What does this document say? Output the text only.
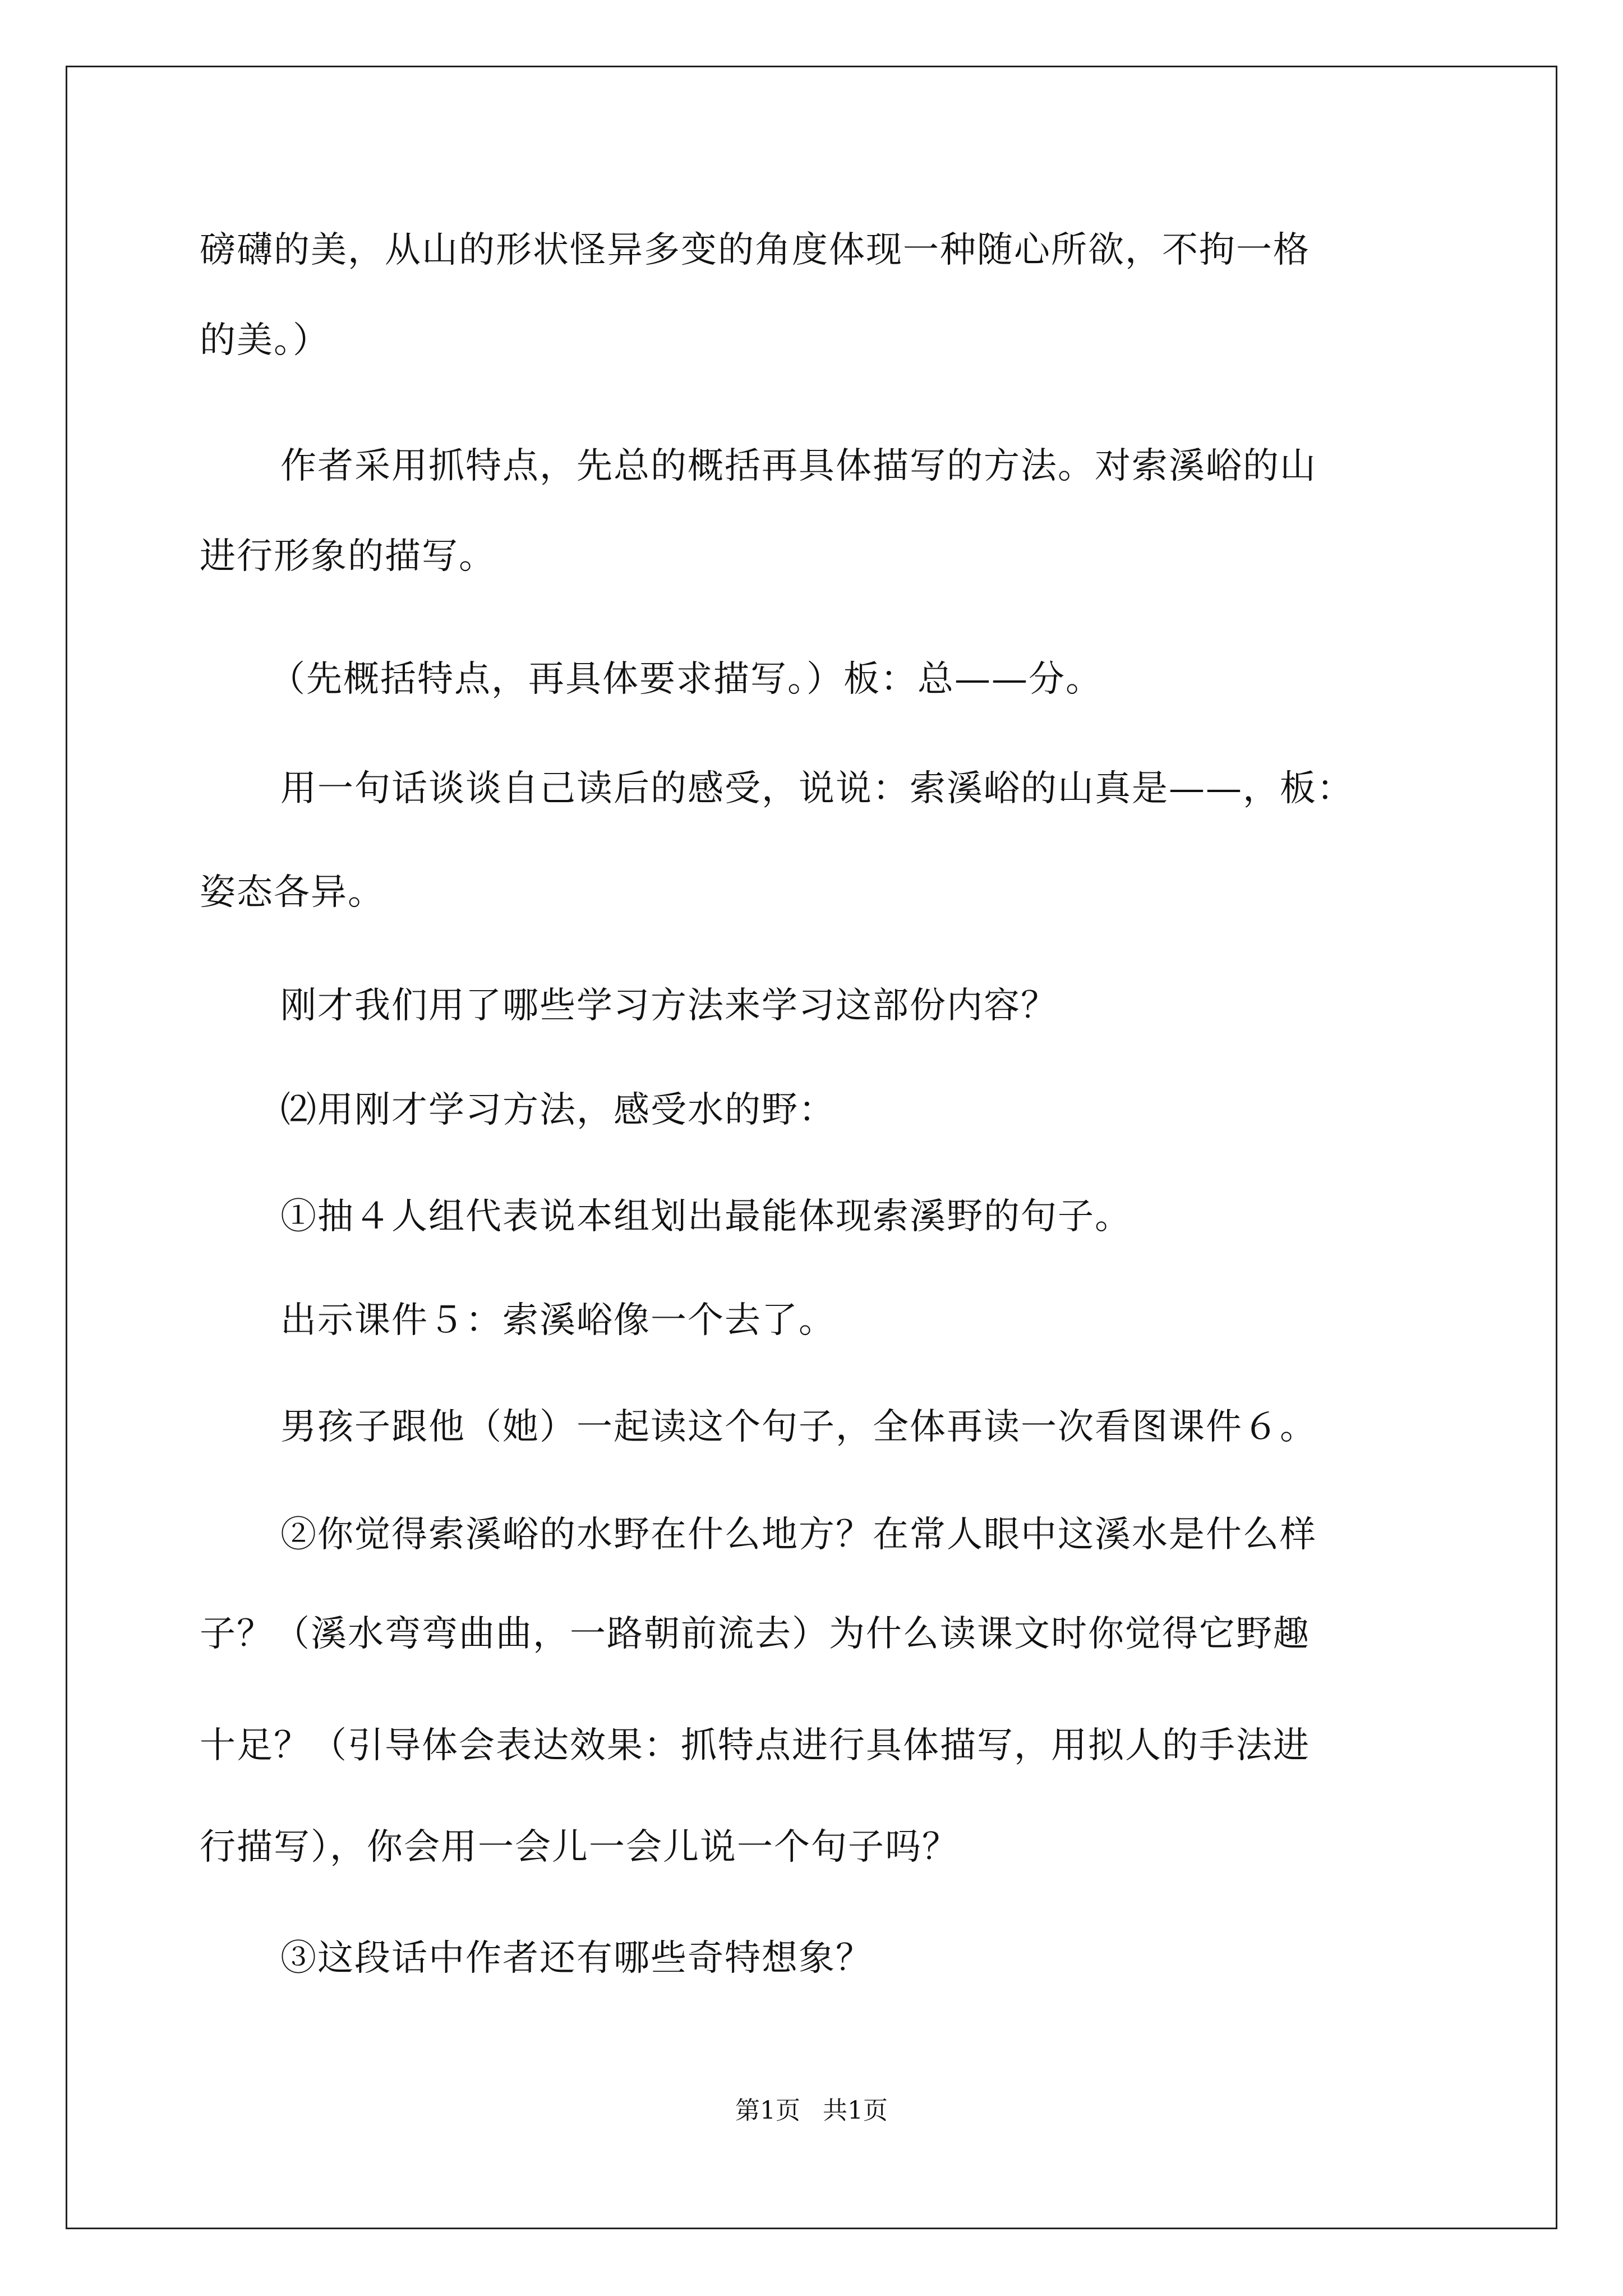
磅礴的美，从山的形状怪异多变的角度体现一种随心所欲，不拘一格

的美。）

作者采用抓特点，先总的概括再具体描写的方法。对索溪峪的山

进行形象的描写。

（先概括特点，再具体要求描写。）板：总——分。

用一句话谈谈自己读后的感受，说说：索溪峪的山真是——，板：

姿态各异。

刚才我们用了哪些学习方法来学习这部份内容？

⑵用刚才学习方法，感受水的野：

①抽４人组代表说本组划出最能体现索溪野的句子。

出示课件５：索溪峪像一个去了。

男孩子跟他（她）一起读这个句子，全体再读一次看图课件６。

②你觉得索溪峪的水野在什么地方？在常人眼中这溪水是什么样

子？（溪水弯弯曲曲，一路朝前流去）为什么读课文时你觉得它野趣

十足？（引导体会表达效果：抓特点进行具体描写，用拟人的手法进

行描写），你会用一会儿一会儿说一个句子吗？

③这段话中作者还有哪些奇特想象？

第1页 共1页
